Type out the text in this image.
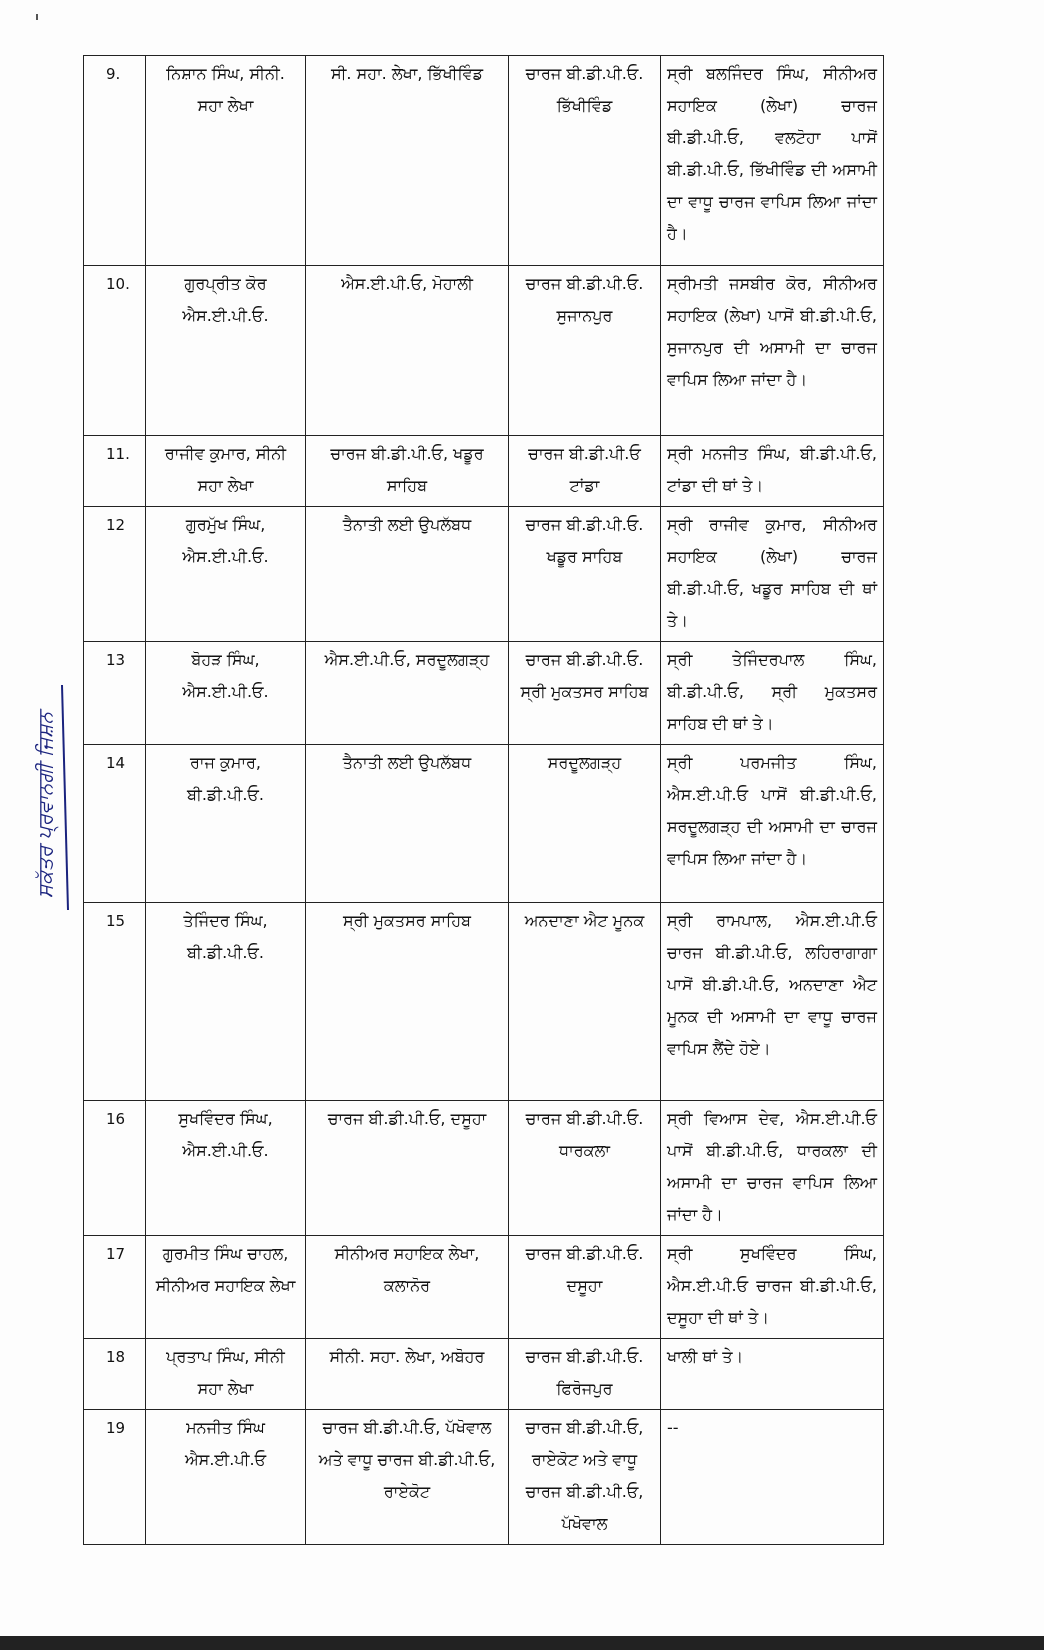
9.	ਨਿਸ਼ਾਨ ਸਿੰਘ, ਸੀਨੀ. ਸਹਾ ਲੇਖਾ	ਸੀ. ਸਹਾ. ਲੇਖਾ, ਭਿੱਖੀਵਿੰਡ	ਚਾਰਜ ਬੀ.ਡੀ.ਪੀ.ਓ. ਭਿੱਖੀਵਿੰਡ	ਸ੍ਰੀ ਬਲਜਿੰਦਰ ਸਿੰਘ, ਸੀਨੀਅਰ ਸਹਾਇਕ (ਲੇਖਾ) ਚਾਰਜ ਬੀ.ਡੀ.ਪੀ.ਓ, ਵਲਟੋਹਾ ਪਾਸੋਂ ਬੀ.ਡੀ.ਪੀ.ਓ, ਭਿੱਖੀਵਿੰਡ ਦੀ ਅਸਾਮੀ ਦਾ ਵਾਧੂ ਚਾਰਜ ਵਾਪਿਸ ਲਿਆ ਜਾਂਦਾ ਹੈ।
10.	ਗੁਰਪ੍ਰੀਤ ਕੋਰ ਐਸ.ਈ.ਪੀ.ਓ.	ਐਸ.ਈ.ਪੀ.ਓ, ਮੋਹਾਲੀ	ਚਾਰਜ ਬੀ.ਡੀ.ਪੀ.ਓ. ਸੁਜਾਨਪੁਰ	ਸ੍ਰੀਮਤੀ ਜਸਬੀਰ ਕੋਰ, ਸੀਨੀਅਰ ਸਹਾਇਕ (ਲੇਖਾ) ਪਾਸੋਂ ਬੀ.ਡੀ.ਪੀ.ਓ, ਸੁਜਾਨਪੁਰ ਦੀ ਅਸਾਮੀ ਦਾ ਚਾਰਜ ਵਾਪਿਸ ਲਿਆ ਜਾਂਦਾ ਹੈ।
11.	ਰਾਜੀਵ ਕੁਮਾਰ, ਸੀਨੀ ਸਹਾ ਲੇਖਾ	ਚਾਰਜ ਬੀ.ਡੀ.ਪੀ.ਓ, ਖਡੂਰ ਸਾਹਿਬ	ਚਾਰਜ ਬੀ.ਡੀ.ਪੀ.ਓ ਟਾਂਡਾ	ਸ੍ਰੀ ਮਨਜੀਤ ਸਿੰਘ, ਬੀ.ਡੀ.ਪੀ.ਓ, ਟਾਂਡਾ ਦੀ ਥਾਂ ਤੇ।
12	ਗੁਰਮੁੱਖ ਸਿੰਘ, ਐਸ.ਈ.ਪੀ.ਓ.	ਤੈਨਾਤੀ ਲਈ ਉਪਲੱਬਧ	ਚਾਰਜ ਬੀ.ਡੀ.ਪੀ.ਓ. ਖਡੂਰ ਸਾਹਿਬ	ਸ੍ਰੀ ਰਾਜੀਵ ਕੁਮਾਰ, ਸੀਨੀਅਰ ਸਹਾਇਕ (ਲੇਖਾ) ਚਾਰਜ ਬੀ.ਡੀ.ਪੀ.ਓ, ਖਡੂਰ ਸਾਹਿਬ ਦੀ ਥਾਂ ਤੇ।
13	ਬੋਹੜ ਸਿੰਘ, ਐਸ.ਈ.ਪੀ.ਓ.	ਐਸ.ਈ.ਪੀ.ਓ, ਸਰਦੂਲਗੜ੍ਹ	ਚਾਰਜ ਬੀ.ਡੀ.ਪੀ.ਓ. ਸ੍ਰੀ ਮੁਕਤਸਰ ਸਾਹਿਬ	ਸ੍ਰੀ ਤੇਜਿੰਦਰਪਾਲ ਸਿੰਘ, ਬੀ.ਡੀ.ਪੀ.ਓ, ਸ੍ਰੀ ਮੁਕਤਸਰ ਸਾਹਿਬ ਦੀ ਥਾਂ ਤੇ।
14	ਰਾਜ ਕੁਮਾਰ, ਬੀ.ਡੀ.ਪੀ.ਓ.	ਤੈਨਾਤੀ ਲਈ ਉਪਲੱਬਧ	ਸਰਦੂਲਗੜ੍ਹ	ਸ੍ਰੀ ਪਰਮਜੀਤ ਸਿੰਘ, ਐਸ.ਈ.ਪੀ.ਓ ਪਾਸੋਂ ਬੀ.ਡੀ.ਪੀ.ਓ, ਸਰਦੂਲਗੜ੍ਹ ਦੀ ਅਸਾਮੀ ਦਾ ਚਾਰਜ ਵਾਪਿਸ ਲਿਆ ਜਾਂਦਾ ਹੈ।
15	ਤੇਜਿੰਦਰ ਸਿੰਘ, ਬੀ.ਡੀ.ਪੀ.ਓ.	ਸ੍ਰੀ ਮੁਕਤਸਰ ਸਾਹਿਬ	ਅਨਦਾਣਾ ਐਟ ਮੂਨਕ	ਸ੍ਰੀ ਰਾਮਪਾਲ, ਐਸ.ਈ.ਪੀ.ਓ ਚਾਰਜ ਬੀ.ਡੀ.ਪੀ.ਓ, ਲਹਿਰਾਗਾਗਾ ਪਾਸੋਂ ਬੀ.ਡੀ.ਪੀ.ਓ, ਅਨਦਾਣਾ ਐਟ ਮੂਨਕ ਦੀ ਅਸਾਮੀ ਦਾ ਵਾਧੂ ਚਾਰਜ ਵਾਪਿਸ ਲੈਂਦੇ ਹੋਏ।
16	ਸੁਖਵਿੰਦਰ ਸਿੰਘ, ਐਸ.ਈ.ਪੀ.ਓ.	ਚਾਰਜ ਬੀ.ਡੀ.ਪੀ.ਓ, ਦਸੂਹਾ	ਚਾਰਜ ਬੀ.ਡੀ.ਪੀ.ਓ. ਧਾਰਕਲਾ	ਸ੍ਰੀ ਵਿਆਸ ਦੇਵ, ਐਸ.ਈ.ਪੀ.ਓ ਪਾਸੋਂ ਬੀ.ਡੀ.ਪੀ.ਓ, ਧਾਰਕਲਾ ਦੀ ਅਸਾਮੀ ਦਾ ਚਾਰਜ ਵਾਪਿਸ ਲਿਆ ਜਾਂਦਾ ਹੈ।
17	ਗੁਰਮੀਤ ਸਿੰਘ ਚਾਹਲ, ਸੀਨੀਅਰ ਸਹਾਇਕ ਲੇਖਾ	ਸੀਨੀਅਰ ਸਹਾਇਕ ਲੇਖਾ, ਕਲਾਨੋਰ	ਚਾਰਜ ਬੀ.ਡੀ.ਪੀ.ਓ. ਦਸੂਹਾ	ਸ੍ਰੀ ਸੁਖਵਿੰਦਰ ਸਿੰਘ, ਐਸ.ਈ.ਪੀ.ਓ ਚਾਰਜ ਬੀ.ਡੀ.ਪੀ.ਓ, ਦਸੂਹਾ ਦੀ ਥਾਂ ਤੇ।
18	ਪ੍ਰਤਾਪ ਸਿੰਘ, ਸੀਨੀ ਸਹਾ ਲੇਖਾ	ਸੀਨੀ. ਸਹਾ. ਲੇਖਾ, ਅਬੋਹਰ	ਚਾਰਜ ਬੀ.ਡੀ.ਪੀ.ਓ. ਫਿਰੋਜਪੁਰ	ਖਾਲੀ ਥਾਂ ਤੇ।
19	ਮਨਜੀਤ ਸਿੰਘ ਐਸ.ਈ.ਪੀ.ਓ	ਚਾਰਜ ਬੀ.ਡੀ.ਪੀ.ਓ, ਪੱਖੋਵਾਲ ਅਤੇ ਵਾਧੂ ਚਾਰਜ ਬੀ.ਡੀ.ਪੀ.ਓ, ਰਾਏਕੋਟ	ਚਾਰਜ ਬੀ.ਡੀ.ਪੀ.ਓ, ਰਾਏਕੋਟ ਅਤੇ ਵਾਧੂ ਚਾਰਜ ਬੀ.ਡੀ.ਪੀ.ਓ, ਪੱਖੋਵਾਲ	--
ਸਕੱਤਰ ਪ੍ਰਵਾਨਗੀ ਜਿਸ਼ਨ
